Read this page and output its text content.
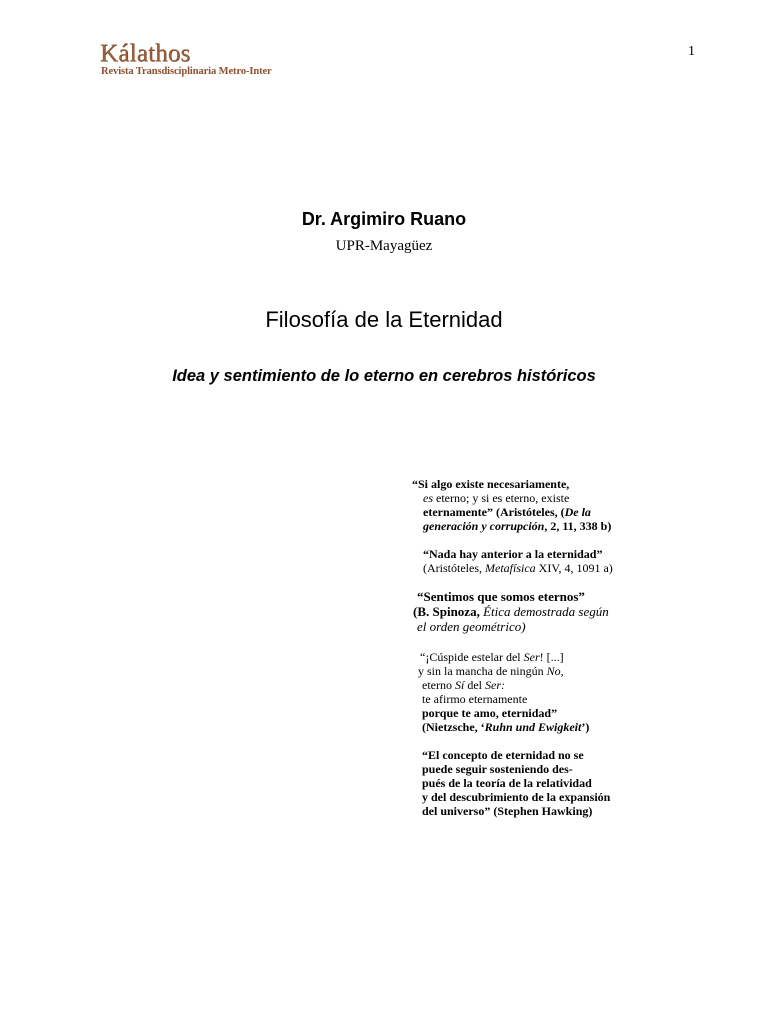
Kálathos
Revista Transdisciplinaria Metro-Inter
1
Dr. Argimiro Ruano
UPR-Mayagüez
Filosofía de la Eternidad
Idea y sentimiento de lo eterno en cerebros históricos
“Si algo existe necesariamente,
es eterno; y si es eterno, existe
eternamente” (Aristóteles, (De la
generación y corrupción, 2, 11, 338 b)
“Nada hay anterior a la eternidad”
(Aristóteles, Metafísica XIV, 4, 1091 a)
“Sentimos que somos eternos”
(B. Spinoza, Ética demostrada según
el orden geométrico)
“¡Cúspide estelar del Ser! [...]
y sin la mancha de ningún No,
eterno Sí del Ser:
te afirmo eternamente
porque te amo, eternidad”
(Nietzsche, ‘Ruhn und Ewigkeit’)
“El concepto de eternidad no se
puede seguir sosteniendo des-
pués de la teoría de la relatividad
y del descubrimiento de la expansión
del universo” (Stephen Hawking)
